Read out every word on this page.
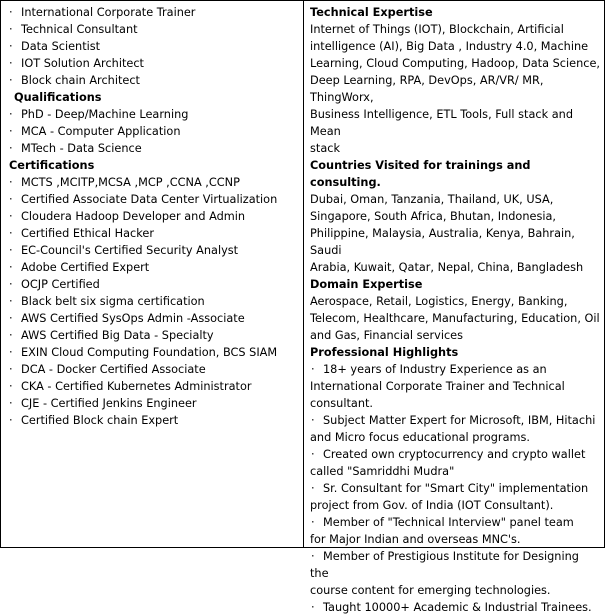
· International Corporate Trainer
· Technical Consultant
· Data Scientist
· IOT Solution Architect
· Block chain Architect
Qualifications
· PhD - Deep/Machine Learning
· MCA - Computer Application
· MTech - Data Science
Certifications
· MCTS ,MCITP,MCSA ,MCP ,CCNA ,CCNP
· Certified Associate Data Center Virtualization
· Cloudera Hadoop Developer and Admin
· Certified Ethical Hacker
· EC-Council's Certified Security Analyst
· Adobe Certified Expert
· OCJP Certified
· Black belt six sigma certification
· AWS Certified SysOps Admin -Associate
· AWS Certified Big Data - Specialty
· EXIN Cloud Computing Foundation, BCS SIAM
· DCA - Docker Certified Associate
· CKA - Certified Kubernetes Administrator
· CJE - Certified Jenkins Engineer
· Certified Block chain Expert
Technical Expertise
Internet of Things (IOT), Blockchain, Artificial
intelligence (AI), Big Data , Industry 4.0, Machine
Learning, Cloud Computing, Hadoop, Data Science,
Deep Learning, RPA, DevOps, AR/VR/ MR, ThingWorx,
Business Intelligence, ETL Tools, Full stack and Mean
stack
Countries Visited for trainings and consulting.
Dubai, Oman, Tanzania, Thailand, UK, USA,
Singapore, South Africa, Bhutan, Indonesia,
Philippine, Malaysia, Australia, Kenya, Bahrain, Saudi
Arabia, Kuwait, Qatar, Nepal, China, Bangladesh
Domain Expertise
Aerospace, Retail, Logistics, Energy, Banking,
Telecom, Healthcare, Manufacturing, Education, Oil
and Gas, Financial services
Professional Highlights
· 18+ years of Industry Experience as an
International Corporate Trainer and Technical
consultant.
· Subject Matter Expert for Microsoft, IBM, Hitachi
and Micro focus educational programs.
· Created own cryptocurrency and crypto wallet
called "Samriddhi Mudra"
· Sr. Consultant for "Smart City" implementation
project from Gov. of India (IOT Consultant).
· Member of "Technical Interview" panel team
for Major Indian and overseas MNC's.
· Member of Prestigious Institute for Designing the
course content for emerging technologies.
· Taught 10000+ Academic & Industrial Trainees.
